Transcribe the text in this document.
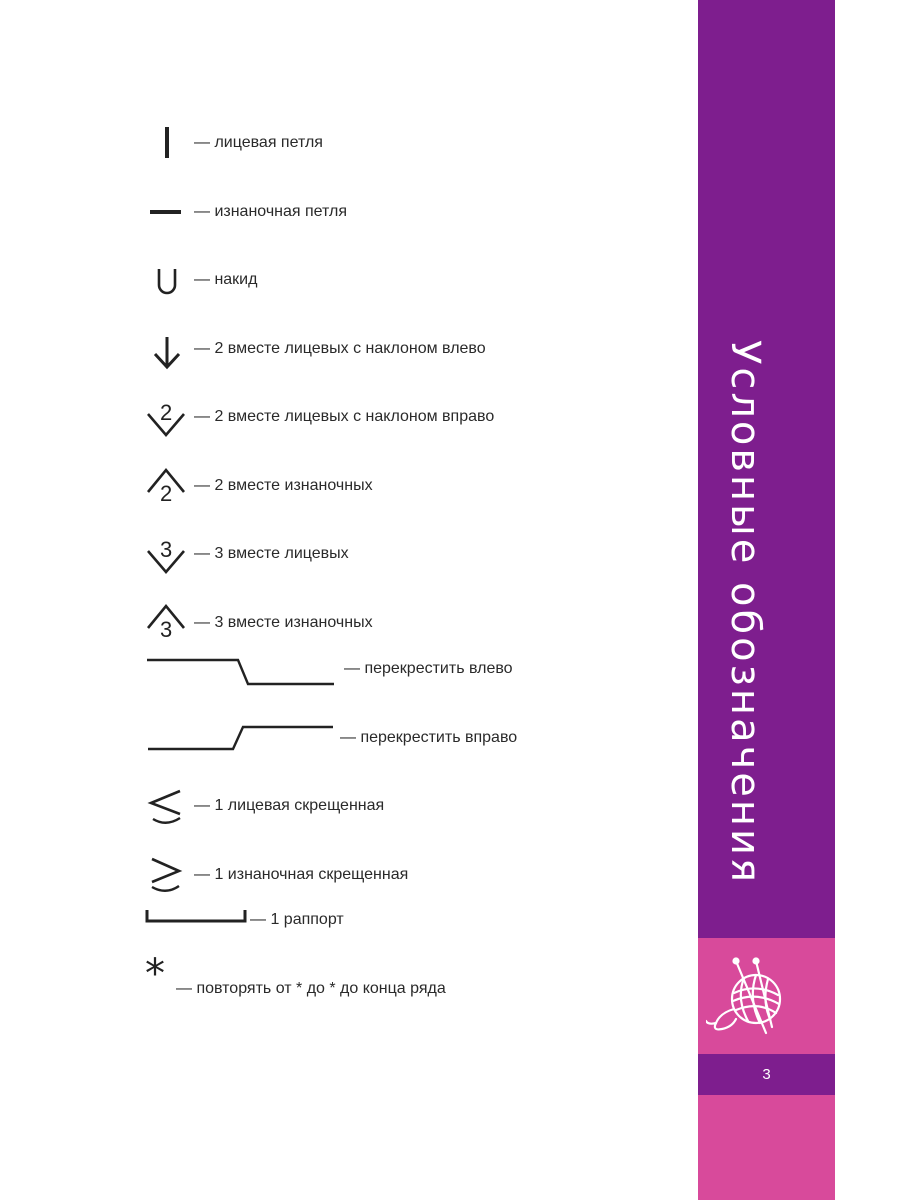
— лицевая петля
— изнаночная петля
— накид
— 2 вместе лицевых с наклоном влево
2 — 2 вместе лицевых с наклоном вправо
2 — 2 вместе изнаночных
3 — 3 вместе лицевых
3 — 3 вместе изнаночных
— перекрестить влево
— перекрестить вправо
— 1 лицевая скрещенная
— 1 изнаночная скрещенная
— 1 раппорт
* — повторять от * до * до конца ряда
Условные обозначения
3
